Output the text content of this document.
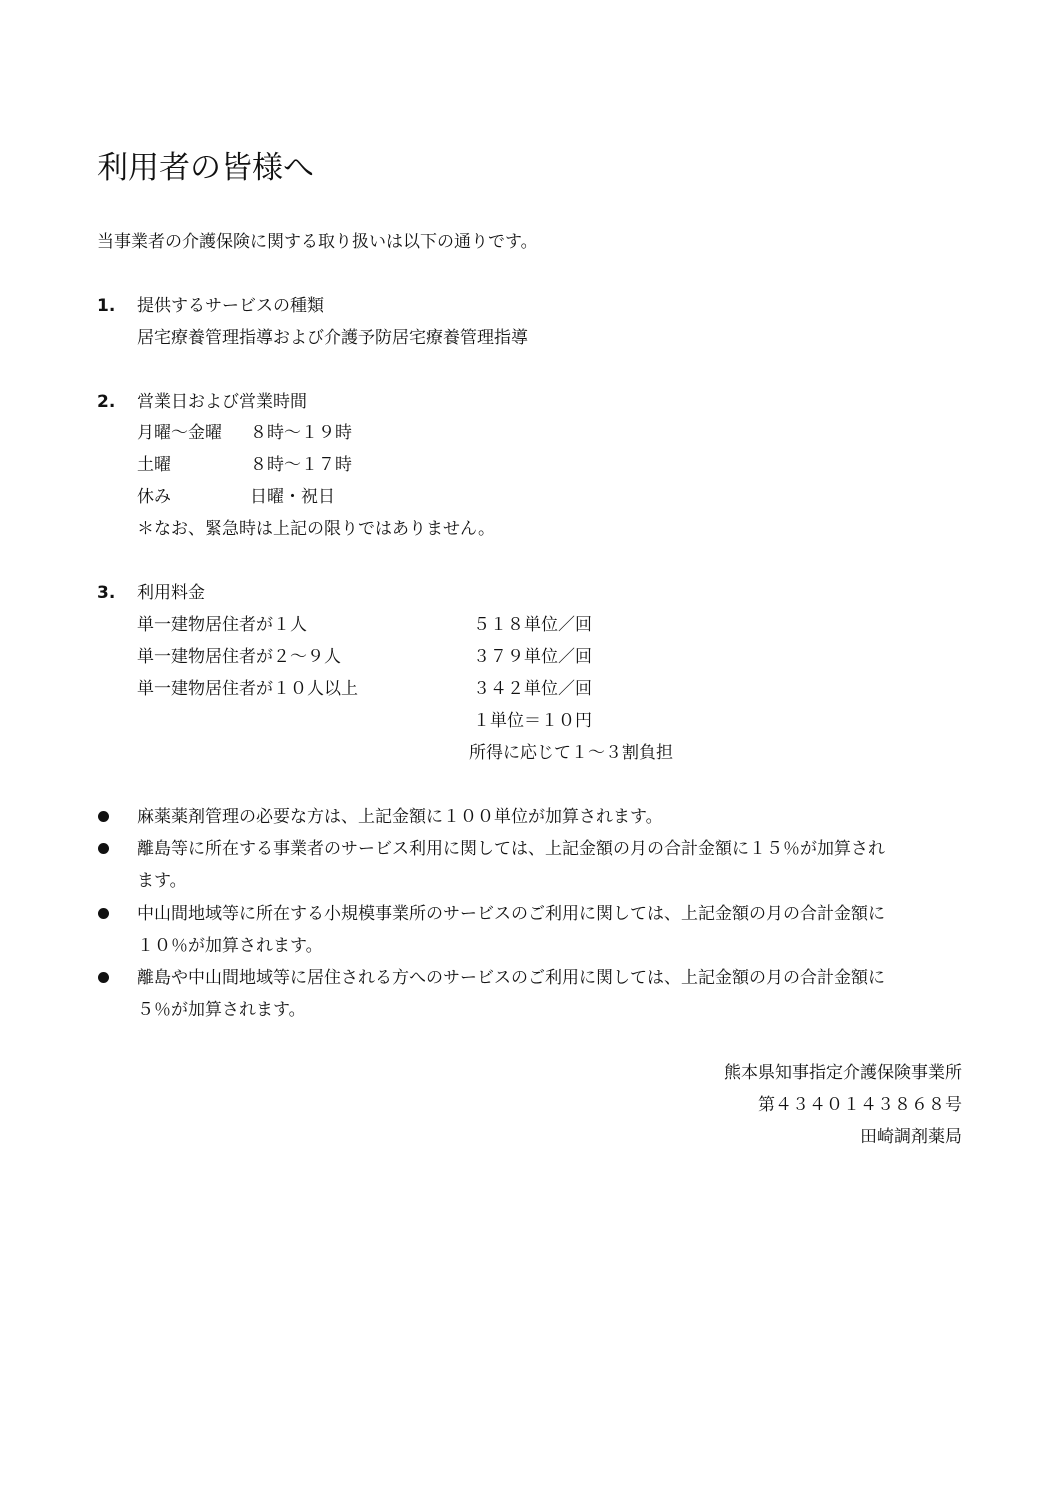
利用者の皆様へ
当事業者の介護保険に関する取り扱いは以下の通りです。
1. 提供するサービスの種類
居宅療養管理指導および介護予防居宅療養管理指導
2. 営業日および営業時間
月曜～金曜 ８時～１９時
土曜	８時～１７時
休み	日曜・祝日
＊なお、緊急時は上記の限りではありません。
3. 利用料金
単一建物居住者が１人	５１８単位／回
単一建物居住者が２～９人	３７９単位／回
単一建物居住者が１０人以上	３４２単位／回
１単位＝１０円
所得に応じて１～３割負担
麻薬薬剤管理の必要な方は、上記金額に１００単位が加算されます。
離島等に所在する事業者のサービス利用に関しては、上記金額の月の合計金額に１５％が加算され
ます。
中山間地域等に所在する小規模事業所のサービスのご利用に関しては、上記金額の月の合計金額に
１０％が加算されます。
離島や中山間地域等に居住される方へのサービスのご利用に関しては、上記金額の月の合計金額に
５％が加算されます。
熊本県知事指定介護保険事業所
第４３４０１４３８６８号
田崎調剤薬局
